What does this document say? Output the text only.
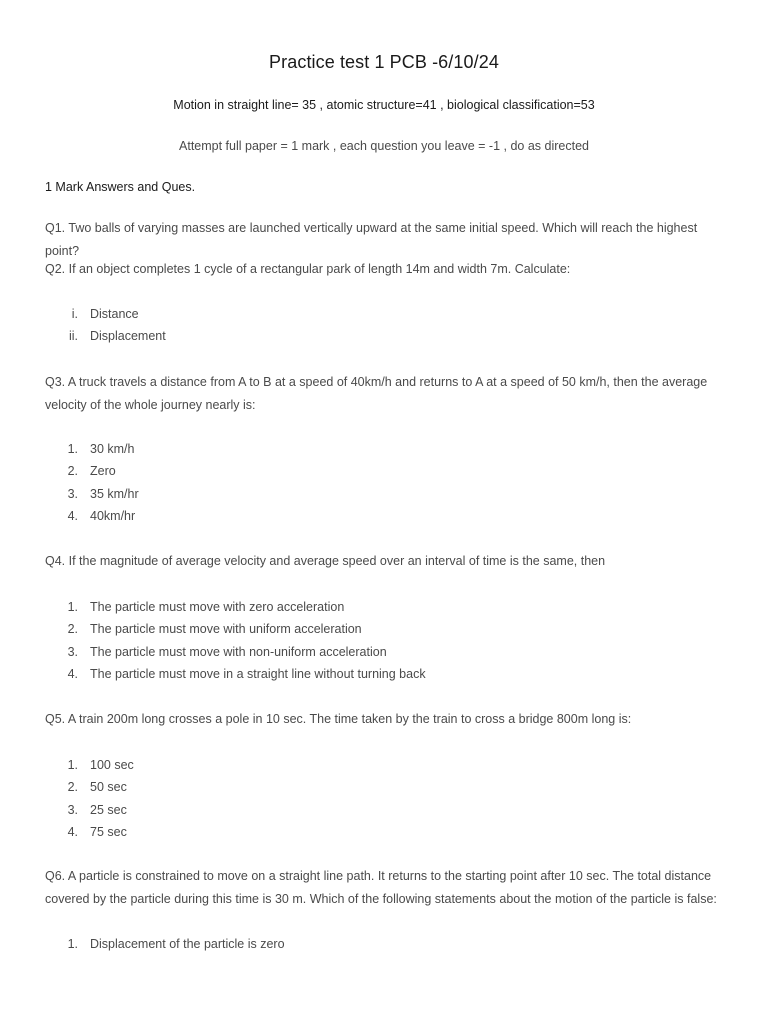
Practice test 1 PCB -6/10/24
Motion in straight line= 35 , atomic structure=41 , biological classification=53
Attempt full paper = 1 mark , each question you leave = -1 , do as directed
1 Mark Answers and Ques.
Q1. Two balls of varying masses are launched vertically upward at the same initial speed. Which will reach the highest point?
Q2. If an object completes 1 cycle of a rectangular park of length 14m and width 7m. Calculate:
i. Distance
ii. Displacement
Q3. A truck travels a distance from A to B at a speed of 40km/h and returns to A at a speed of 50 km/h, then the average velocity of the whole journey nearly is:
1. 30 km/h
2. Zero
3. 35 km/hr
4. 40km/hr
Q4. If the magnitude of average velocity and average speed over an interval of time is the same, then
1. The particle must move with zero acceleration
2. The particle must move with uniform acceleration
3. The particle must move with non-uniform acceleration
4. The particle must move in a straight line without turning back
Q5. A train 200m long crosses a pole in 10 sec. The time taken by the train to cross a bridge 800m long is:
1. 100 sec
2. 50 sec
3. 25 sec
4. 75 sec
Q6. A particle is constrained to move on a straight line path. It returns to the starting point after 10 sec. The total distance covered by the particle during this time is 30 m. Which of the following statements about the motion of the particle is false:
1. Displacement of the particle is zero
